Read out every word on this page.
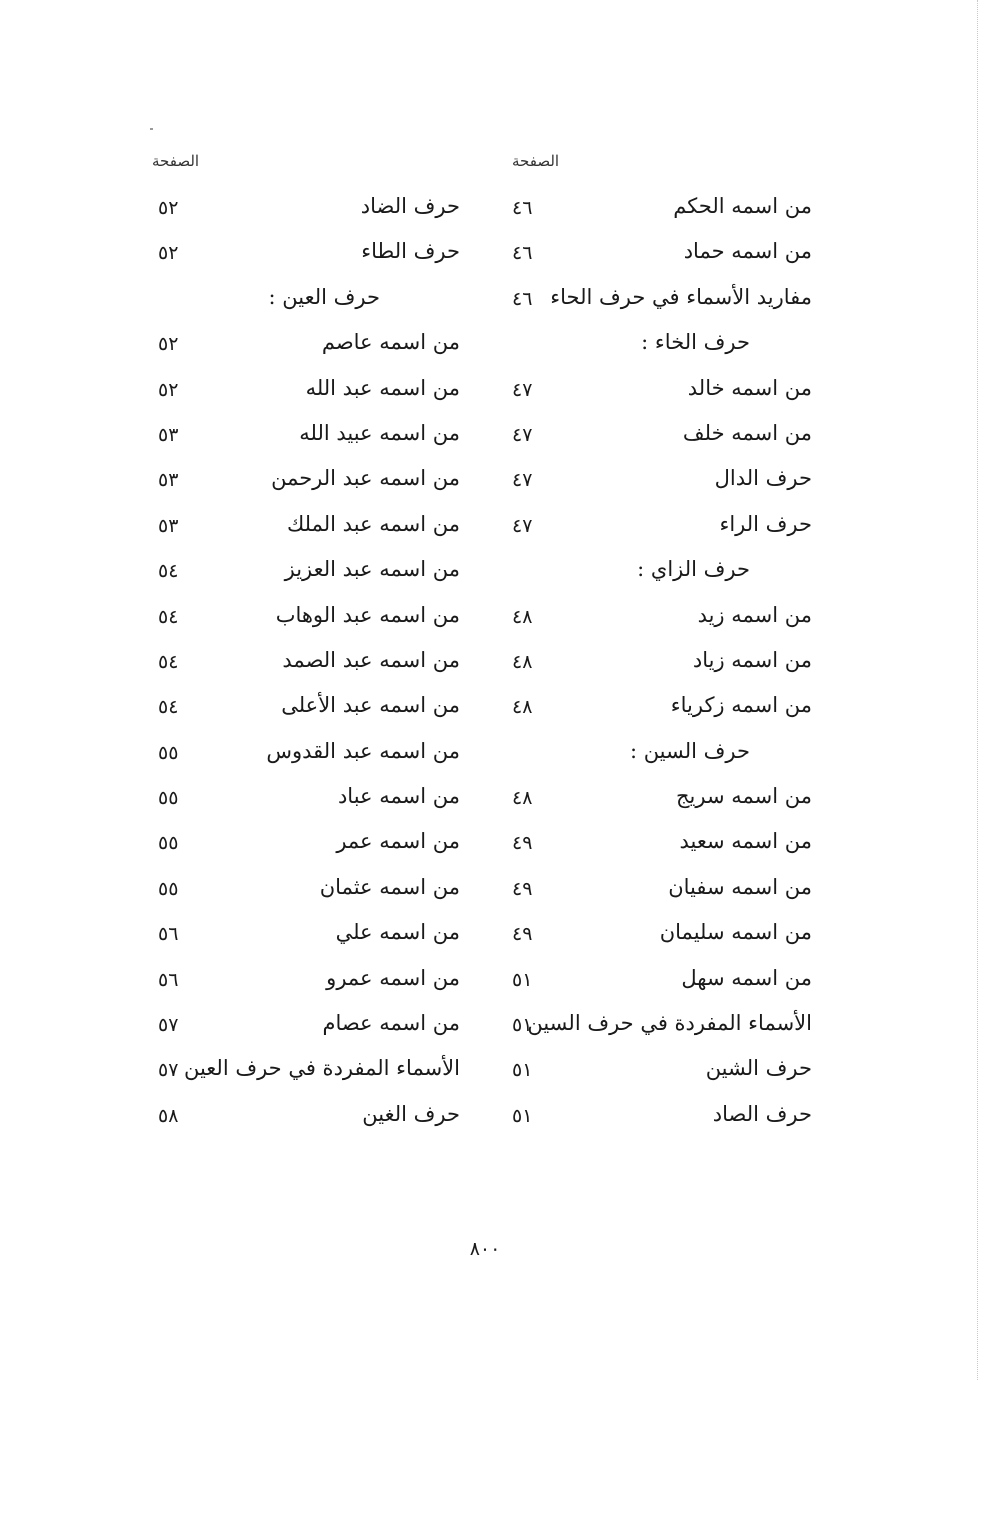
الصفحة	الصفحة
من اسمه الحكم
٤٦
من اسمه حماد
٤٦
مفاريد الأسماء في حرف الحاء
٤٦
حرف الخاء :
من اسمه خالد
٤٧
من اسمه خلف
٤٧
حرف الدال
٤٧
حرف الراء
٤٧
حرف الزاي :
من اسمه زيد
٤٨
من اسمه زياد
٤٨
من اسمه زكرياء
٤٨
حرف السين :
من اسمه سريج
٤٨
من اسمه سعيد
٤٩
من اسمه سفيان
٤٩
من اسمه سليمان
٤٩
من اسمه سهل
٥١
الأسماء المفردة في حرف السين
٥١
حرف الشين
٥١
حرف الصاد
٥١
حرف الضاد
٥٢
حرف الطاء
٥٢
حرف العين :
من اسمه عاصم
٥٢
من اسمه عبد الله
٥٢
من اسمه عبيد الله
٥٣
من اسمه عبد الرحمن
٥٣
من اسمه عبد الملك
٥٣
من اسمه عبد العزيز
٥٤
من اسمه عبد الوهاب
٥٤
من اسمه عبد الصمد
٥٤
من اسمه عبد الأعلى
٥٤
من اسمه عبد القدوس
٥٥
من اسمه عباد
٥٥
من اسمه عمر
٥٥
من اسمه عثمان
٥٥
من اسمه علي
٥٦
من اسمه عمرو
٥٦
من اسمه عصام
٥٧
الأسماء المفردة في حرف العين
٥٧
حرف الغين
٥٨
٨٠٠
